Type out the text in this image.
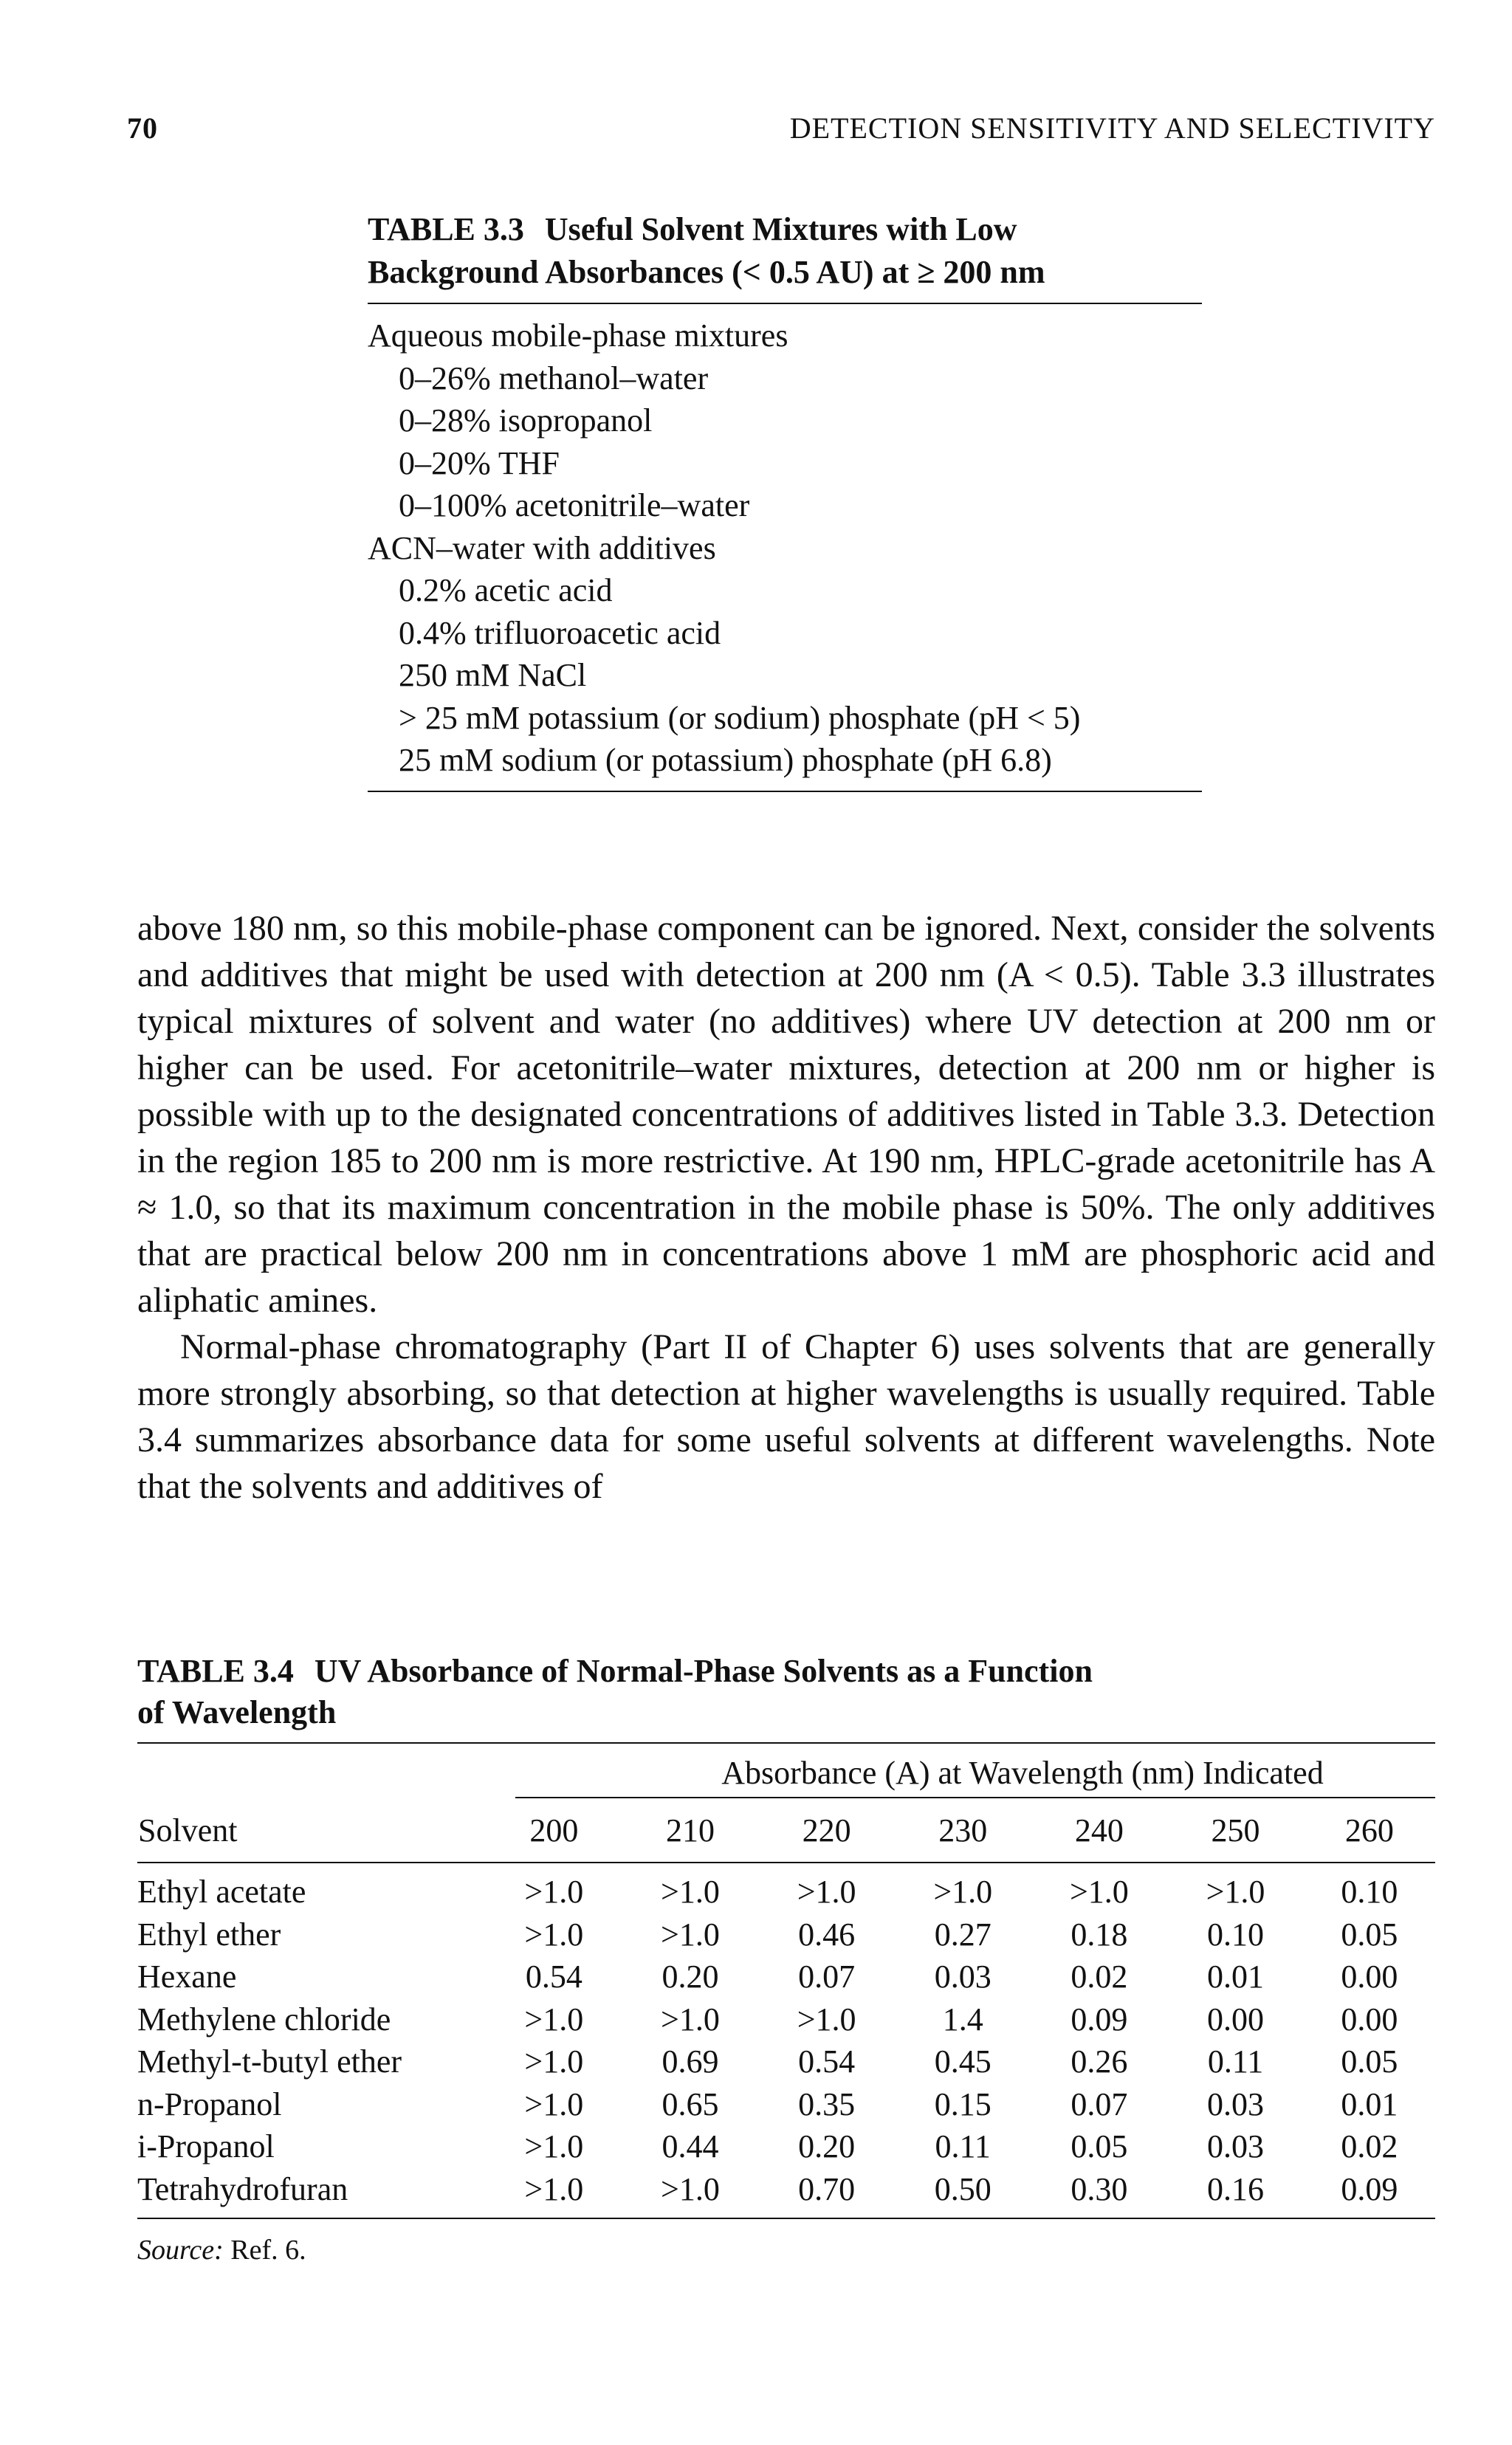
70	DETECTION SENSITIVITY AND SELECTIVITY
TABLE 3.3 Useful Solvent Mixtures with Low
Background Absorbances (< 0.5 AU) at ≥ 200 nm
Aqueous mobile-phase mixtures
0–26% methanol–water
0–28% isopropanol
0–20% THF
0–100% acetonitrile–water
ACN–water with additives
0.2% acetic acid
0.4% trifluoroacetic acid
250 mM NaCl
> 25 mM potassium (or sodium) phosphate (pH < 5)
25 mM sodium (or potassium) phosphate (pH 6.8)

above 180 nm, so this mobile-phase component can be ignored. Next, consider the solvents and additives that might be used with detection at 200 nm (A < 0.5). Table 3.3 illustrates typical mixtures of solvent and water (no additives) where UV detection at 200 nm or higher can be used. For acetonitrile–water mixtures, detection at 200 nm or higher is possible with up to the designated concentrations of additives listed in Table 3.3. Detection in the region 185 to 200 nm is more restrictive. At 190 nm, HPLC-grade acetonitrile has A ≈ 1.0, so that its maximum concentration in the mobile phase is 50%. The only additives that are practical below 200 nm in concentrations above 1 mM are phosphoric acid and aliphatic amines.

Normal-phase chromatography (Part II of Chapter 6) uses solvents that are generally more strongly absorbing, so that detection at higher wavelengths is usually required. Table 3.4 summarizes absorbance data for some useful solvents at different wavelengths. Note that the solvents and additives of

TABLE 3.4 UV Absorbance of Normal-Phase Solvents as a Function
of Wavelength
Absorbance (A) at Wavelength (nm) Indicated
Solvent	200	210	220	230	240	250	260
Ethyl acetate	>1.0	>1.0	>1.0	>1.0	>1.0	>1.0	0.10
Ethyl ether	>1.0	>1.0	0.46	0.27	0.18	0.10	0.05
Hexane	0.54	0.20	0.07	0.03	0.02	0.01	0.00
Methylene chloride	>1.0	>1.0	>1.0	1.4	0.09	0.00	0.00
Methyl-t-butyl ether	>1.0	0.69	0.54	0.45	0.26	0.11	0.05
n-Propanol	>1.0	0.65	0.35	0.15	0.07	0.03	0.01
i-Propanol	>1.0	0.44	0.20	0.11	0.05	0.03	0.02
Tetrahydrofuran	>1.0	>1.0	0.70	0.50	0.30	0.16	0.09
Source: Ref. 6.
